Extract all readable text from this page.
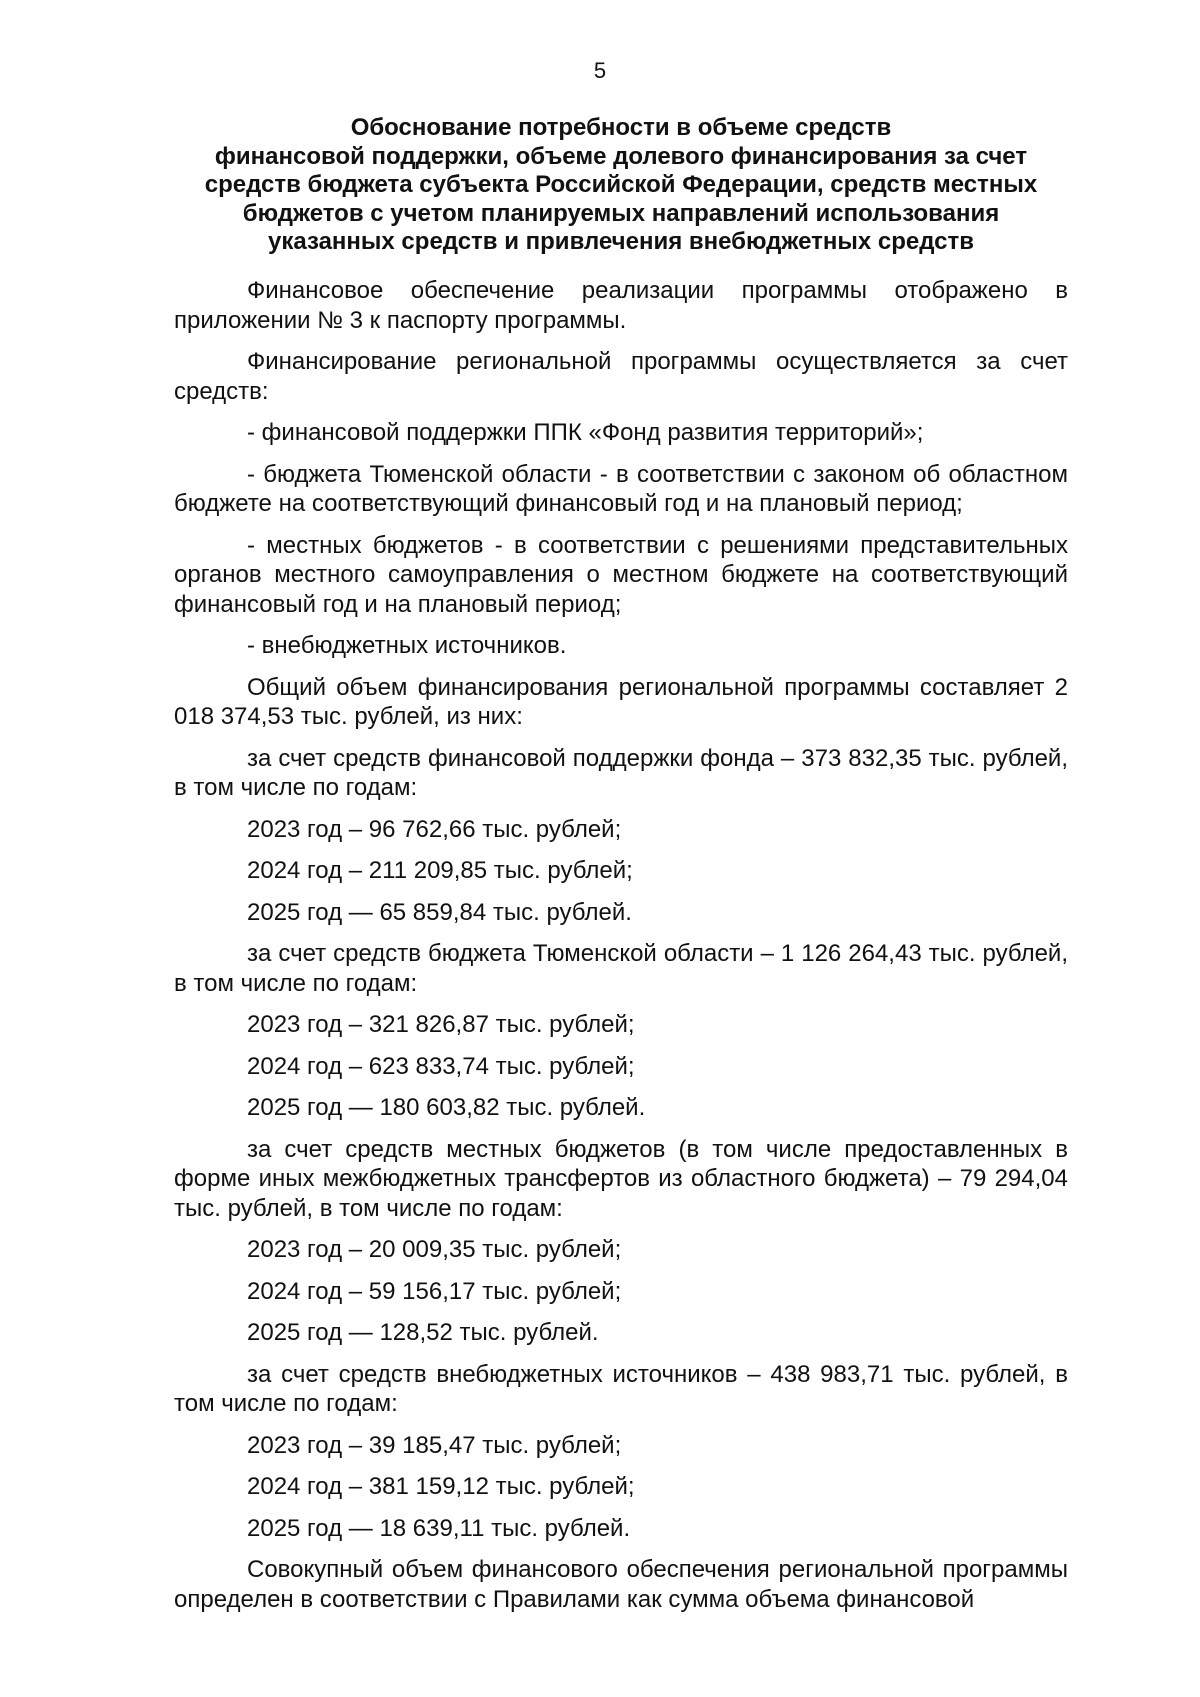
5
Обоснование потребности в объеме средств
финансовой поддержки, объеме долевого финансирования за счет
средств бюджета субъекта Российской Федерации, средств местных
бюджетов с учетом планируемых направлений использования
указанных средств и привлечения внебюджетных средств

Финансовое обеспечение реализации программы отображено в приложении № 3 к паспорту программы.

Финансирование региональной программы осуществляется за счет средств:

- финансовой поддержки ППК «Фонд развития территорий»;

- бюджета Тюменской области - в соответствии с законом об областном бюджете на соответствующий финансовый год и на плановый период;

- местных бюджетов - в соответствии с решениями представительных органов местного самоуправления о местном бюджете на соответствующий финансовый год и на плановый период;

- внебюджетных источников.

Общий объем финансирования региональной программы составляет 2 018 374,53 тыс. рублей, из них:

за счет средств финансовой поддержки фонда – 373 832,35 тыс. рублей, в том числе по годам:

2023 год – 96 762,66 тыс. рублей;

2024 год – 211 209,85 тыс. рублей;

2025 год — 65 859,84 тыс. рублей.

за счет средств бюджета Тюменской области – 1 126 264,43 тыс. рублей, в том числе по годам:

2023 год – 321 826,87 тыс. рублей;

2024 год – 623 833,74 тыс. рублей;

2025 год — 180 603,82 тыс. рублей.

за счет средств местных бюджетов (в том числе предоставленных в форме иных межбюджетных трансфертов из областного бюджета) – 79 294,04 тыс. рублей, в том числе по годам:

2023 год – 20 009,35 тыс. рублей;

2024 год – 59 156,17 тыс. рублей;

2025 год — 128,52 тыс. рублей.

за счет средств внебюджетных источников – 438 983,71 тыс. рублей, в том числе по годам:

2023 год – 39 185,47 тыс. рублей;

2024 год – 381 159,12 тыс. рублей;

2025 год — 18 639,11 тыс. рублей.

Совокупный объем финансового обеспечения региональной программы определен в соответствии с Правилами как сумма объема финансовой
